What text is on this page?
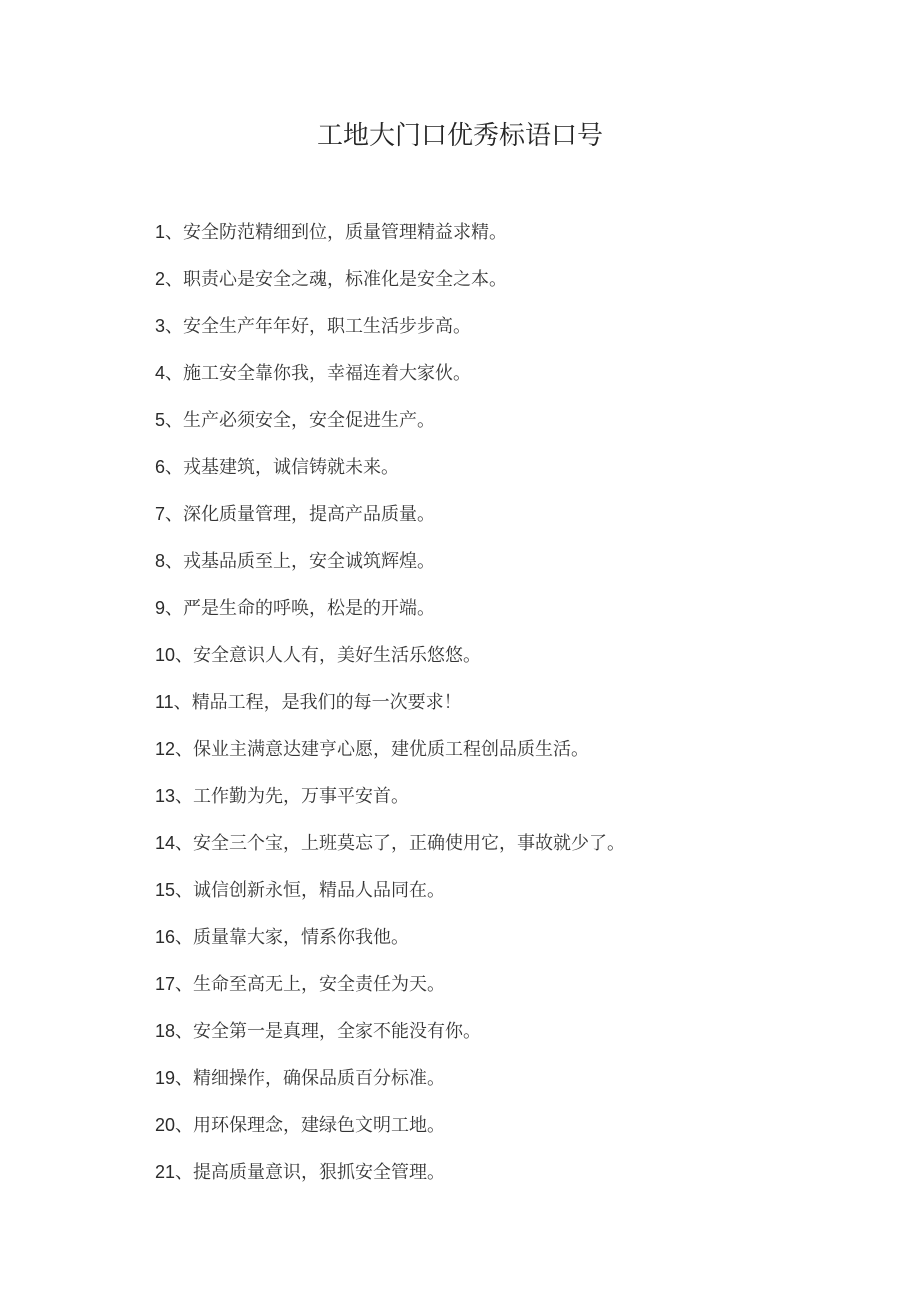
工地大门口优秀标语口号

1、安全防范精细到位，质量管理精益求精。

2、职责心是安全之魂，标准化是安全之本。

3、安全生产年年好，职工生活步步高。

4、施工安全靠你我，幸福连着大家伙。

5、生产必须安全，安全促进生产。

6、戎基建筑，诚信铸就未来。

7、深化质量管理，提高产品质量。

8、戎基品质至上，安全诚筑辉煌。

9、严是生命的呼唤，松是的开端。

10、安全意识人人有，美好生活乐悠悠。

11、精品工程，是我们的每一次要求！

12、保业主满意达建亨心愿，建优质工程创品质生活。

13、工作勤为先，万事平安首。

14、安全三个宝，上班莫忘了，正确使用它，事故就少了。

15、诚信创新永恒，精品人品同在。

16、质量靠大家，情系你我他。

17、生命至高无上，安全责任为天。

18、安全第一是真理，全家不能没有你。

19、精细操作，确保品质百分标准。

20、用环保理念，建绿色文明工地。

21、提高质量意识，狠抓安全管理。
